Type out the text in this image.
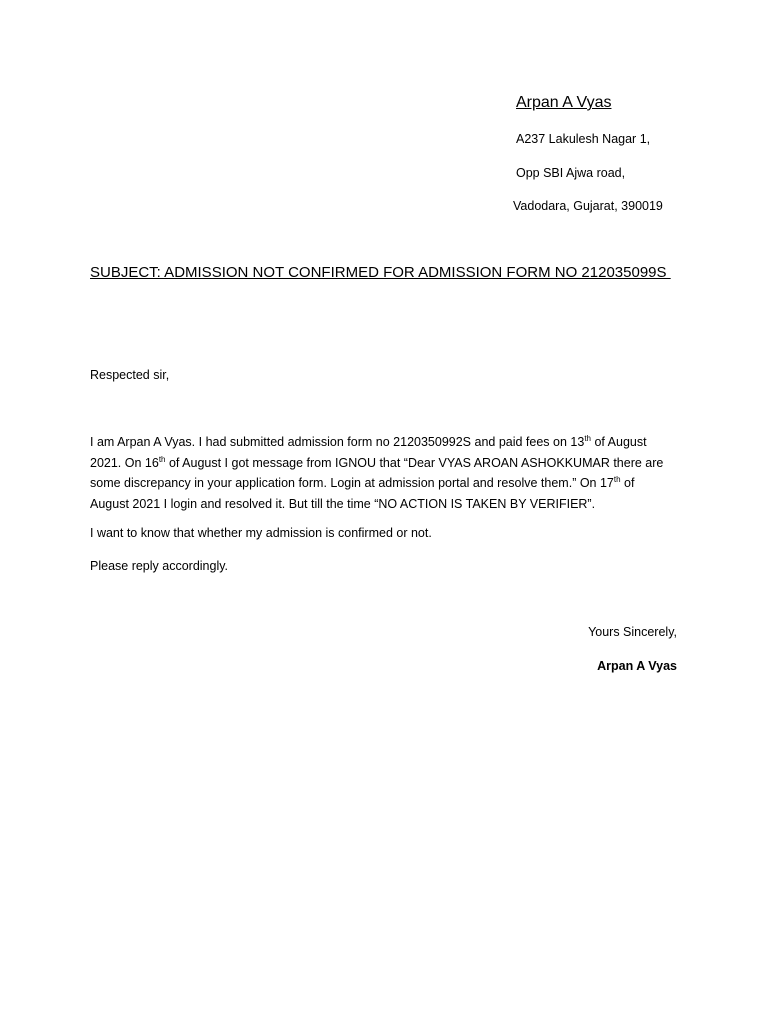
Arpan A Vyas
A237 Lakulesh Nagar 1,
Opp SBI Ajwa road,
Vadodara, Gujarat, 390019
SUBJECT: ADMISSION NOT CONFIRMED FOR ADMISSION FORM NO 212035099S
Respected sir,
I am Arpan A Vyas. I had submitted admission form no 2120350992S and paid fees on 13th of August 2021. On 16th of August I got message from IGNOU that “Dear VYAS AROAN ASHOKKUMAR there are some discrepancy in your application form. Login at admission portal and resolve them.” On 17th of August 2021 I login and resolved it. But till the time “NO ACTION IS TAKEN BY VERIFIER”.
I want to know that whether my admission is confirmed or not.
Please reply accordingly.
Yours Sincerely,
Arpan A Vyas
